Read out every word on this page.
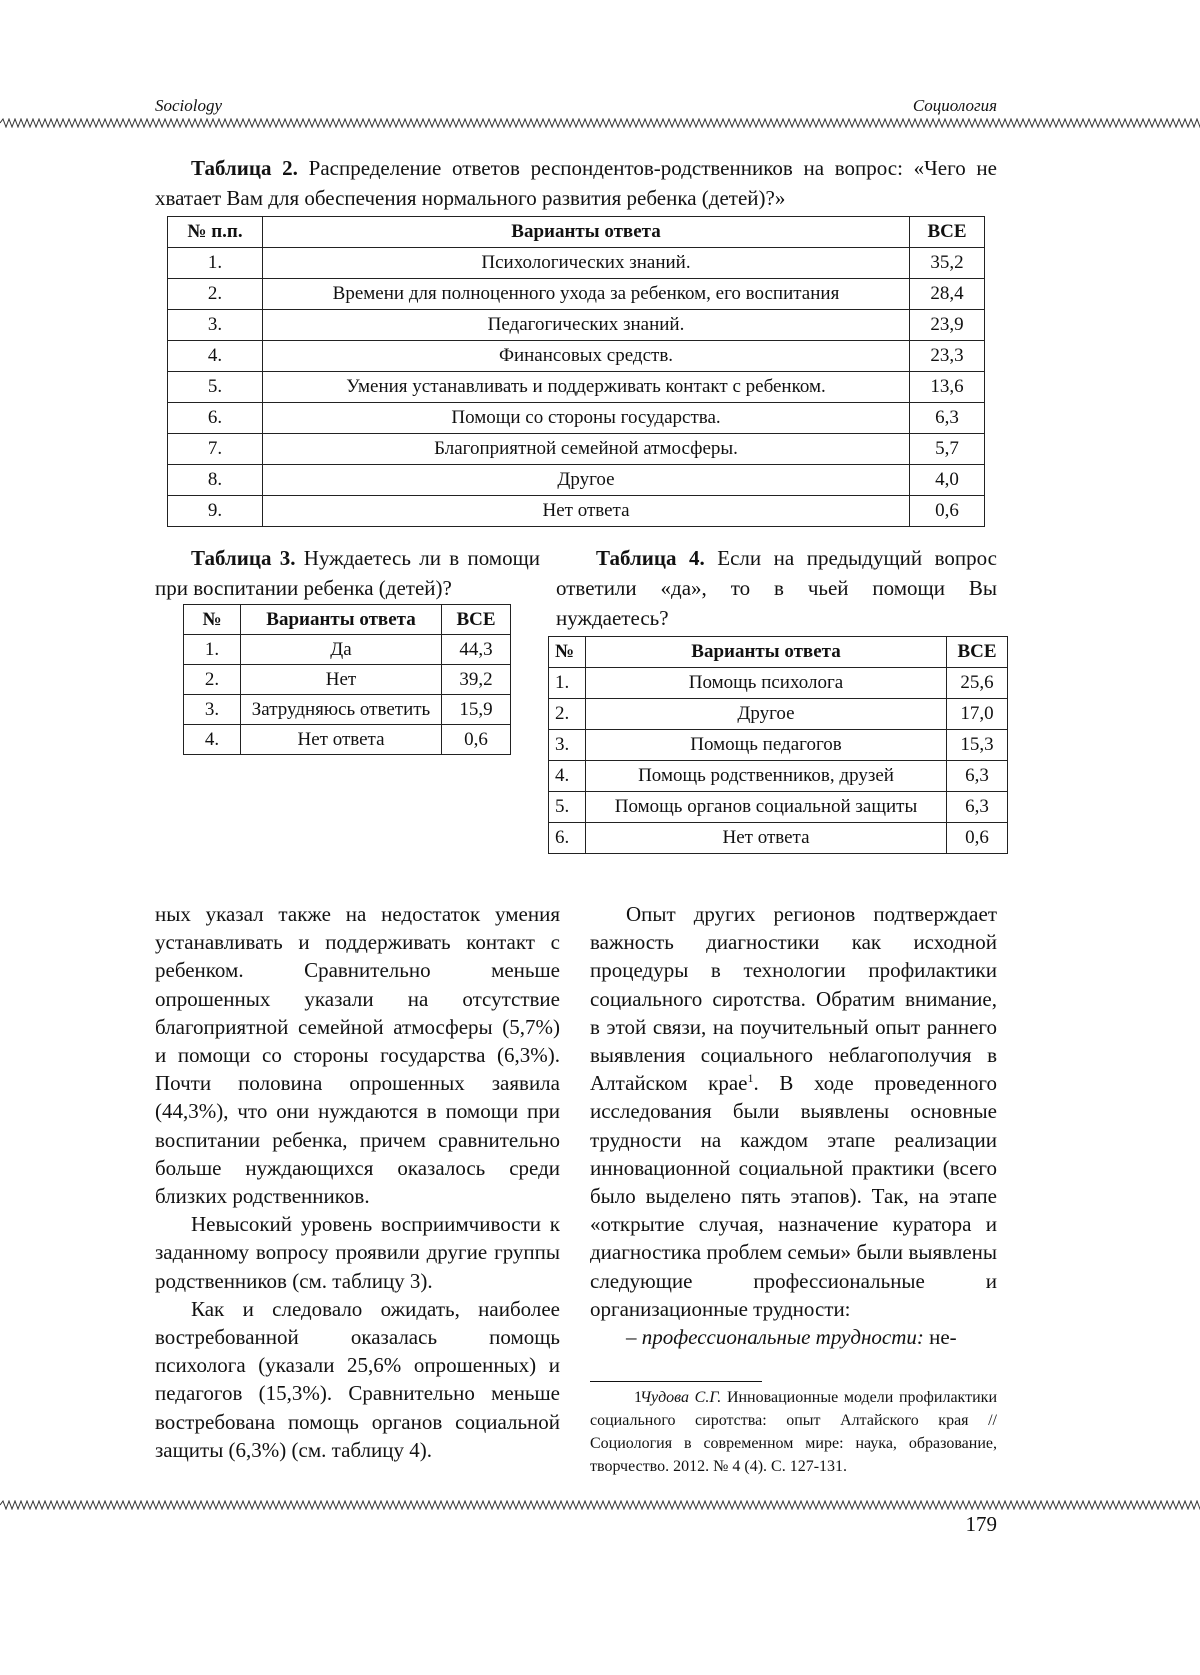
Sociology	Социология
Таблица 2. Распределение ответов респондентов-родственников на вопрос: «Чего не хватает Вам для обеспечения нормального развития ребенка (детей)?»
№ п.п.	Варианты ответа	ВСЕ
1.	Психологических знаний.	35,2
2.	Времени для полноценного ухода за ребенком, его воспитания	28,4
3.	Педагогических знаний.	23,9
4.	Финансовых средств.	23,3
5.	Умения устанавливать и поддерживать контакт с ребенком.	13,6
6.	Помощи со стороны государства.	6,3
7.	Благоприятной семейной атмосферы.	5,7
8.	Другое	4,0
9.	Нет ответа	0,6
Таблица 3. Нуждаетесь ли в помощи при воспитании ребенка (детей)?
№	Варианты ответа	ВСЕ
1.	Да	44,3
2.	Нет	39,2
3.	Затрудняюсь ответить	15,9
4.	Нет ответа	0,6
Таблица 4. Если на предыдущий вопрос ответили «да», то в чьей помощи Вы нуждаетесь?
№	Варианты ответа	ВСЕ
1.	Помощь психолога	25,6
2.	Другое	17,0
3.	Помощь педагогов	15,3
4.	Помощь родственников, друзей	6,3
5.	Помощь органов социальной защиты	6,3
6.	Нет ответа	0,6

ных указал также на недостаток умения устанавливать и поддерживать контакт с ребенком. Сравнительно меньше опрошенных указали на отсутствие благоприятной семейной атмосферы (5,7%) и помощи со стороны государства (6,3%). Почти половина опрошенных заявила (44,3%), что они нуждаются в помощи при воспитании ребенка, причем сравнительно больше нуждающихся оказалось среди близких родственников.

Невысокий уровень восприимчивости к заданному вопросу проявили другие группы родственников (см. таблицу 3).

Как и следовало ожидать, наиболее востребованной оказалась помощь психолога (указали 25,6% опрошенных) и педагогов (15,3%). Сравнительно меньше востребована помощь органов социальной защиты (6,3%) (см. таблицу 4).

Опыт других регионов подтверждает важность диагностики как исходной процедуры в технологии профилактики социального сиротства. Обратим внимание, в этой связи, на поучительный опыт раннего выявления социального неблагополучия в Алтайском крае$^1$. В ходе проведенного исследования были выявлены основные трудности на каждом этапе реализации инновационной социальной практики (всего было выделено пять этапов). Так, на этапе «открытие случая, назначение куратора и диагностика проблем семьи» были выявлены следующие профессиональные и организационные трудности:

– профессиональные трудности: не-

1Чудова С.Г. Инновационные модели профилактики социального сиротства: опыт Алтайского края // Социология в современном мире: наука, образование, творчество. 2012. № 4 (4). С. 127-131.
179
